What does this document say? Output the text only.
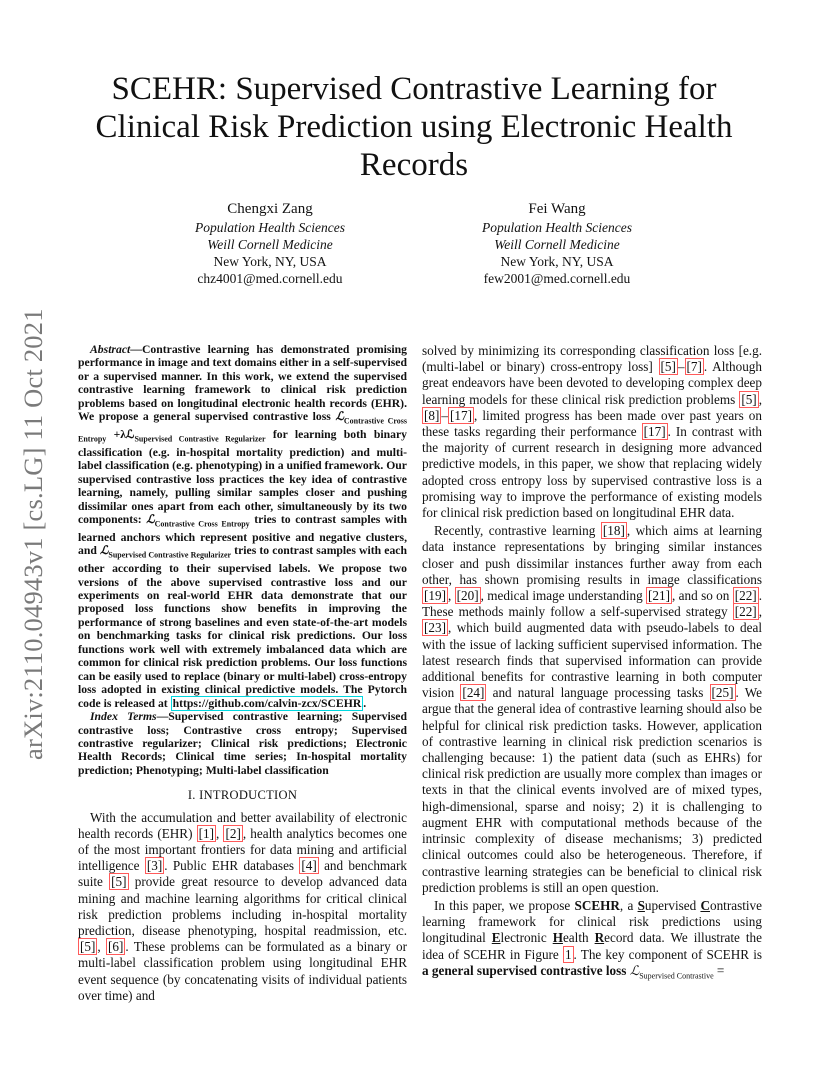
arXiv:2110.04943v1 [cs.LG] 11 Oct 2021
SCEHR: Supervised Contrastive Learning for Clinical Risk Prediction using Electronic Health Records
Chengxi Zang
Population Health Sciences
Weill Cornell Medicine
New York, NY, USA
chz4001@med.cornell.edu
Fei Wang
Population Health Sciences
Weill Cornell Medicine
New York, NY, USA
few2001@med.cornell.edu

Abstract—Contrastive learning has demonstrated promising performance in image and text domains either in a self-supervised or a supervised manner. In this work, we extend the supervised contrastive learning framework to clinical risk prediction problems based on longitudinal electronic health records (EHR). We propose a general supervised contrastive loss ℒ$_{Contrastive Cross Entropy}$ +λℒ$_{Supervised Contrastive Regularizer}$ for learning both binary classification (e.g. in-hospital mortality prediction) and multi-label classification (e.g. phenotyping) in a unified framework. Our supervised contrastive loss practices the key idea of contrastive learning, namely, pulling similar samples closer and pushing dissimilar ones apart from each other, simultaneously by its two components: ℒ$_{Contrastive Cross Entropy}$ tries to contrast samples with learned anchors which represent positive and negative clusters, and ℒ$_{Supervised Contrastive Regularizer}$ tries to contrast samples with each other according to their supervised labels. We propose two versions of the above supervised contrastive loss and our experiments on real-world EHR data demonstrate that our proposed loss functions show benefits in improving the performance of strong baselines and even state-of-the-art models on benchmarking tasks for clinical risk predictions. Our loss functions work well with extremely imbalanced data which are common for clinical risk prediction problems. Our loss functions can be easily used to replace (binary or multi-label) cross-entropy loss adopted in existing clinical predictive models. The Pytorch code is released at https://github.com/calvin-zcx/SCEHR .

Index Terms—Supervised contrastive learning; Supervised contrastive loss; Contrastive cross entropy; Supervised contrastive regularizer; Clinical risk predictions; Electronic Health Records; Clinical time series; In-hospital mortality prediction; Phenotyping; Multi-label classification

I. INTRODUCTION

With the accumulation and better availability of electronic health records (EHR) [1] , [2] , health analytics becomes one of the most important frontiers for data mining and artificial intelligence [3] . Public EHR databases [4] and benchmark suite [5] provide great resource to develop advanced data mining and machine learning algorithms for critical clinical risk prediction problems including in-hospital mortality prediction, disease phenotyping, hospital readmission, etc. [5] , [6] . These problems can be formulated as a binary or multi-label classification problem using longitudinal EHR event sequence (by concatenating visits of individual patients over time) and

solved by minimizing its corresponding classification loss [e.g. (multi-label or binary) cross-entropy loss] [5] – [7] . Although great endeavors have been devoted to developing complex deep learning models for these clinical risk prediction problems [5] , [8] – [17] , limited progress has been made over past years on these tasks regarding their performance [17] . In contrast with the majority of current research in designing more advanced predictive models, in this paper, we show that replacing widely adopted cross entropy loss by supervised contrastive loss is a promising way to improve the performance of existing models for clinical risk prediction based on longitudinal EHR data.

Recently, contrastive learning [18] , which aims at learning data instance representations by bringing similar instances closer and push dissimilar instances further away from each other, has shown promising results in image classifications [19] , [20] , medical image understanding [21] , and so on [22] . These methods mainly follow a self-supervised strategy [22] , [23] , which build augmented data with pseudo-labels to deal with the issue of lacking sufficient supervised information. The latest research finds that supervised information can provide additional benefits for contrastive learning in both computer vision [24] and natural language processing tasks [25] . We argue that the general idea of contrastive learning should also be helpful for clinical risk prediction tasks. However, application of contrastive learning in clinical risk prediction scenarios is challenging because: 1) the patient data (such as EHRs) for clinical risk prediction are usually more complex than images or texts in that the clinical events involved are of mixed types, high-dimensional, sparse and noisy; 2) it is challenging to augment EHR with computational methods because of the intrinsic complexity of disease mechanisms; 3) predicted clinical outcomes could also be heterogeneous. Therefore, if contrastive learning strategies can be beneficial to clinical risk prediction problems is still an open question.

In this paper, we propose SCEHR, a Supervised Contrastive learning framework for clinical risk predictions using longitudinal Electronic Health Record data. We illustrate the idea of SCEHR in Figure 1 . The key component of SCEHR is a general supervised contrastive loss ℒ$_{Supervised Contrastive}$ =
